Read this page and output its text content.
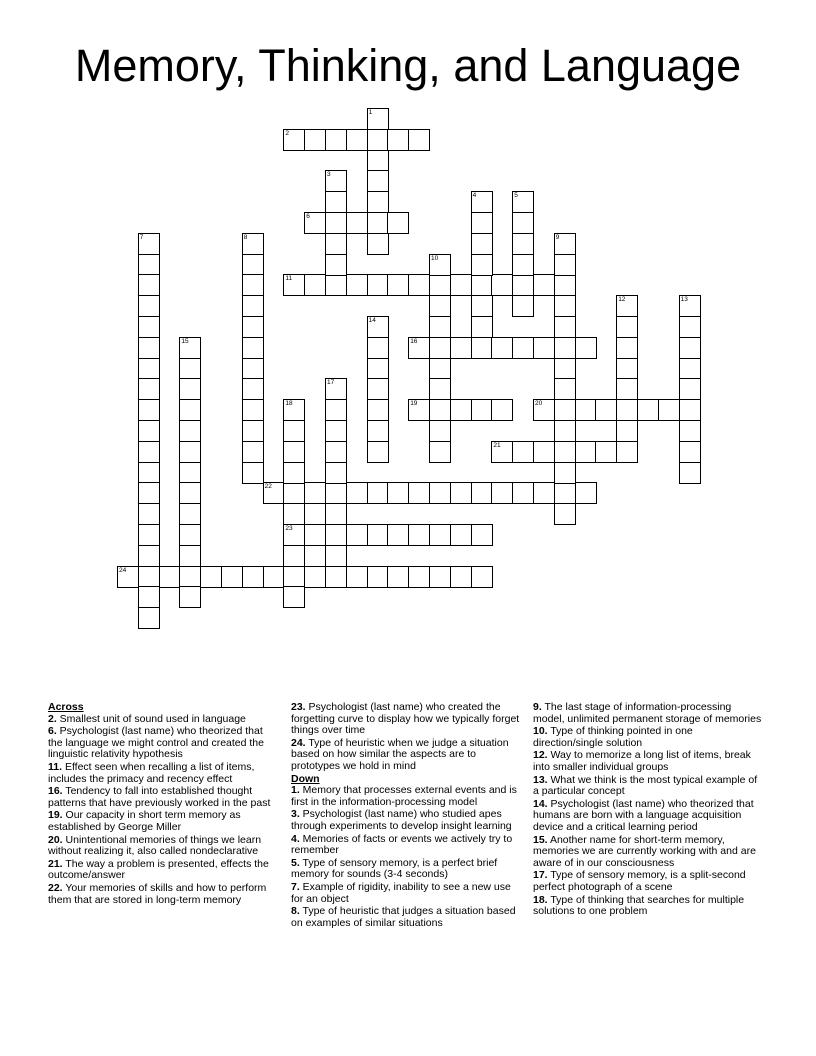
Memory, Thinking, and Language
2
6
11
16
19	20
21
22
23
24
1
3
4	5
7	8	9
10
12	13
14
15
17
18
Across
2. Smallest unit of sound used in language
6. Psychologist (last name) who theorized that the language we might control and created the linguistic relativity hypothesis
11. Effect seen when recalling a list of items, includes the primacy and recency effect
16. Tendency to fall into established thought patterns that have previously worked in the past
19. Our capacity in short term memory as established by George Miller
20. Unintentional memories of things we learn without realizing it, also called nondeclarative
21. The way a problem is presented, effects the outcome/answer
22. Your memories of skills and how to perform them that are stored in long-term memory
23. Psychologist (last name) who created the forgetting curve to display how we typically forget things over time
24. Type of heuristic when we judge a situation based on how similar the aspects are to prototypes we hold in mind
Down
1. Memory that processes external events and is first in the information-processing model
3. Psychologist (last name) who studied apes through experiments to develop insight learning
4. Memories of facts or events we actively try to remember
5. Type of sensory memory, is a perfect brief memory for sounds (3-4 seconds)
7. Example of rigidity, inability to see a new use for an object
8. Type of heuristic that judges a situation based on examples of similar situations
9. The last stage of information-processing model, unlimited permanent storage of memories
10. Type of thinking pointed in one direction/single solution
12. Way to memorize a long list of items, break into smaller individual groups
13. What we think is the most typical example of a particular concept
14. Psychologist (last name) who theorized that humans are born with a language acquisition device and a critical learning period
15. Another name for short-term memory, memories we are currently working with and are aware of in our consciousness
17. Type of sensory memory, is a split-second perfect photograph of a scene
18. Type of thinking that searches for multiple solutions to one problem
